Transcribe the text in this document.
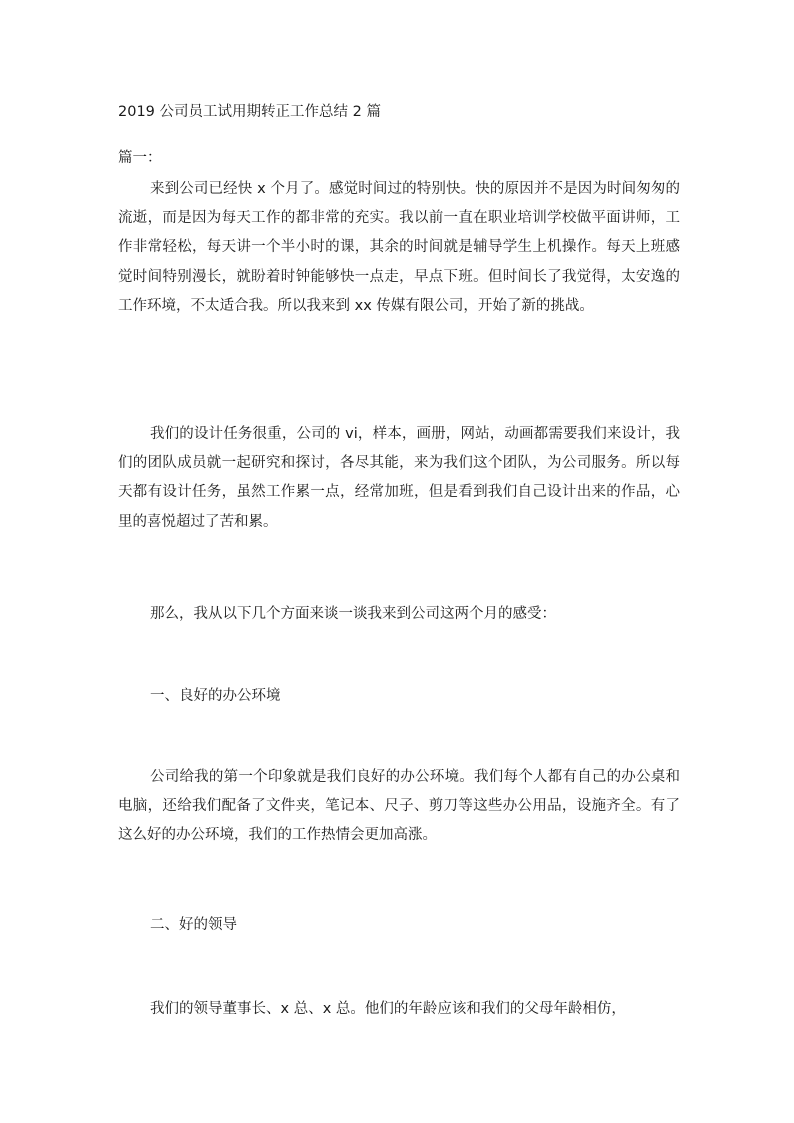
2019 公司员工试用期转正工作总结 2 篇

篇一：

来到公司已经快 x 个月了。感觉时间过的特别快。快的原因并不是因为时间匆匆的流逝，而是因为每天工作的都非常的充实。我以前一直在职业培训学校做平面讲师，工作非常轻松，每天讲一个半小时的课，其余的时间就是辅导学生上机操作。每天上班感觉时间特别漫长，就盼着时钟能够快一点走，早点下班。但时间长了我觉得，太安逸的工作环境，不太适合我。所以我来到 xx 传媒有限公司，开始了新的挑战。

我们的设计任务很重，公司的 vi，样本，画册，网站，动画都需要我们来设计，我们的团队成员就一起研究和探讨，各尽其能，来为我们这个团队，为公司服务。所以每天都有设计任务，虽然工作累一点，经常加班，但是看到我们自己设计出来的作品，心里的喜悦超过了苦和累。

那么，我从以下几个方面来谈一谈我来到公司这两个月的感受：

一、良好的办公环境

公司给我的第一个印象就是我们良好的办公环境。我们每个人都有自己的办公桌和电脑，还给我们配备了文件夹，笔记本、尺子、剪刀等这些办公用品，设施齐全。有了这么好的办公环境，我们的工作热情会更加高涨。

二、好的领导

我们的领导董事长、x 总、x 总。他们的年龄应该和我们的父母年龄相仿，
